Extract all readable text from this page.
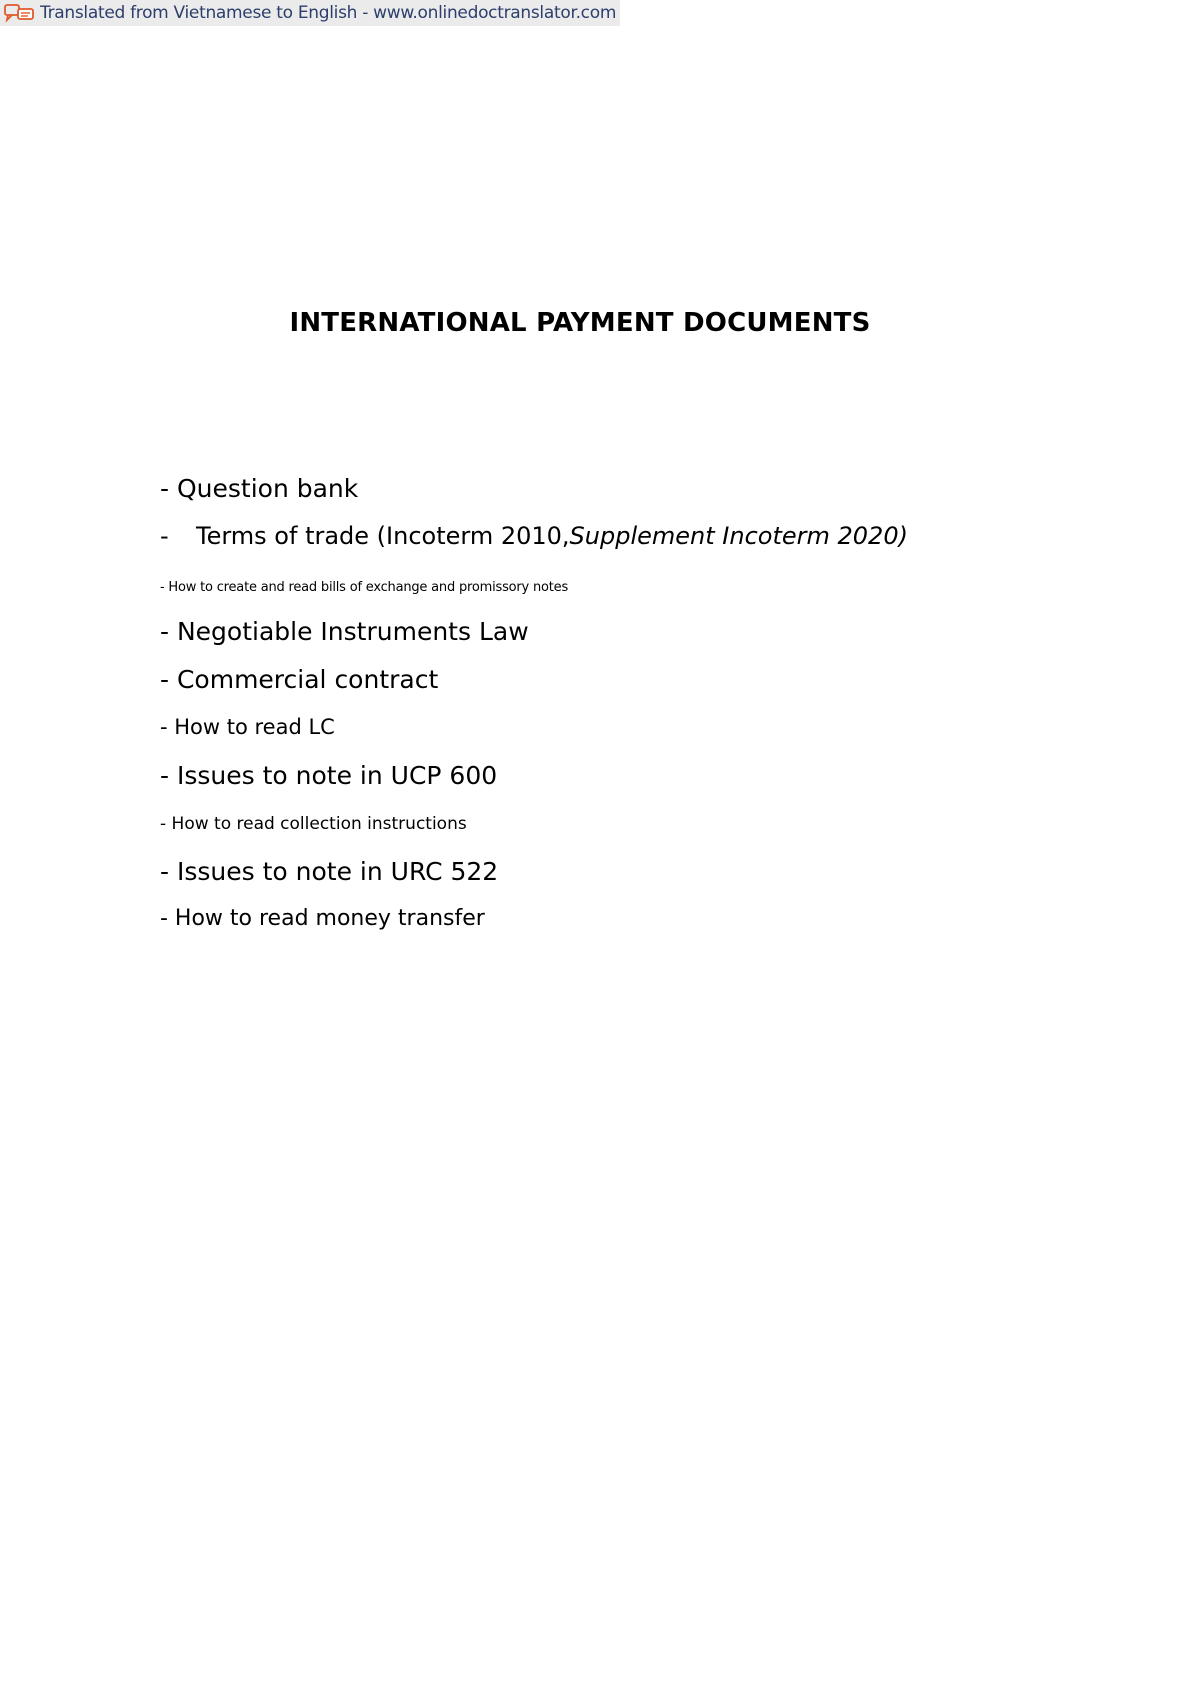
Translated from Vietnamese to English - www.onlinedoctranslator.com
INTERNATIONAL PAYMENT DOCUMENTS
- Question bank
- Terms of trade (Incoterm 2010,Supplement Incoterm 2020)
- How to create and read bills of exchange and promissory notes
- Negotiable Instruments Law
- Commercial contract
- How to read LC
- Issues to note in UCP 600
- How to read collection instructions
- Issues to note in URC 522
- How to read money transfer
